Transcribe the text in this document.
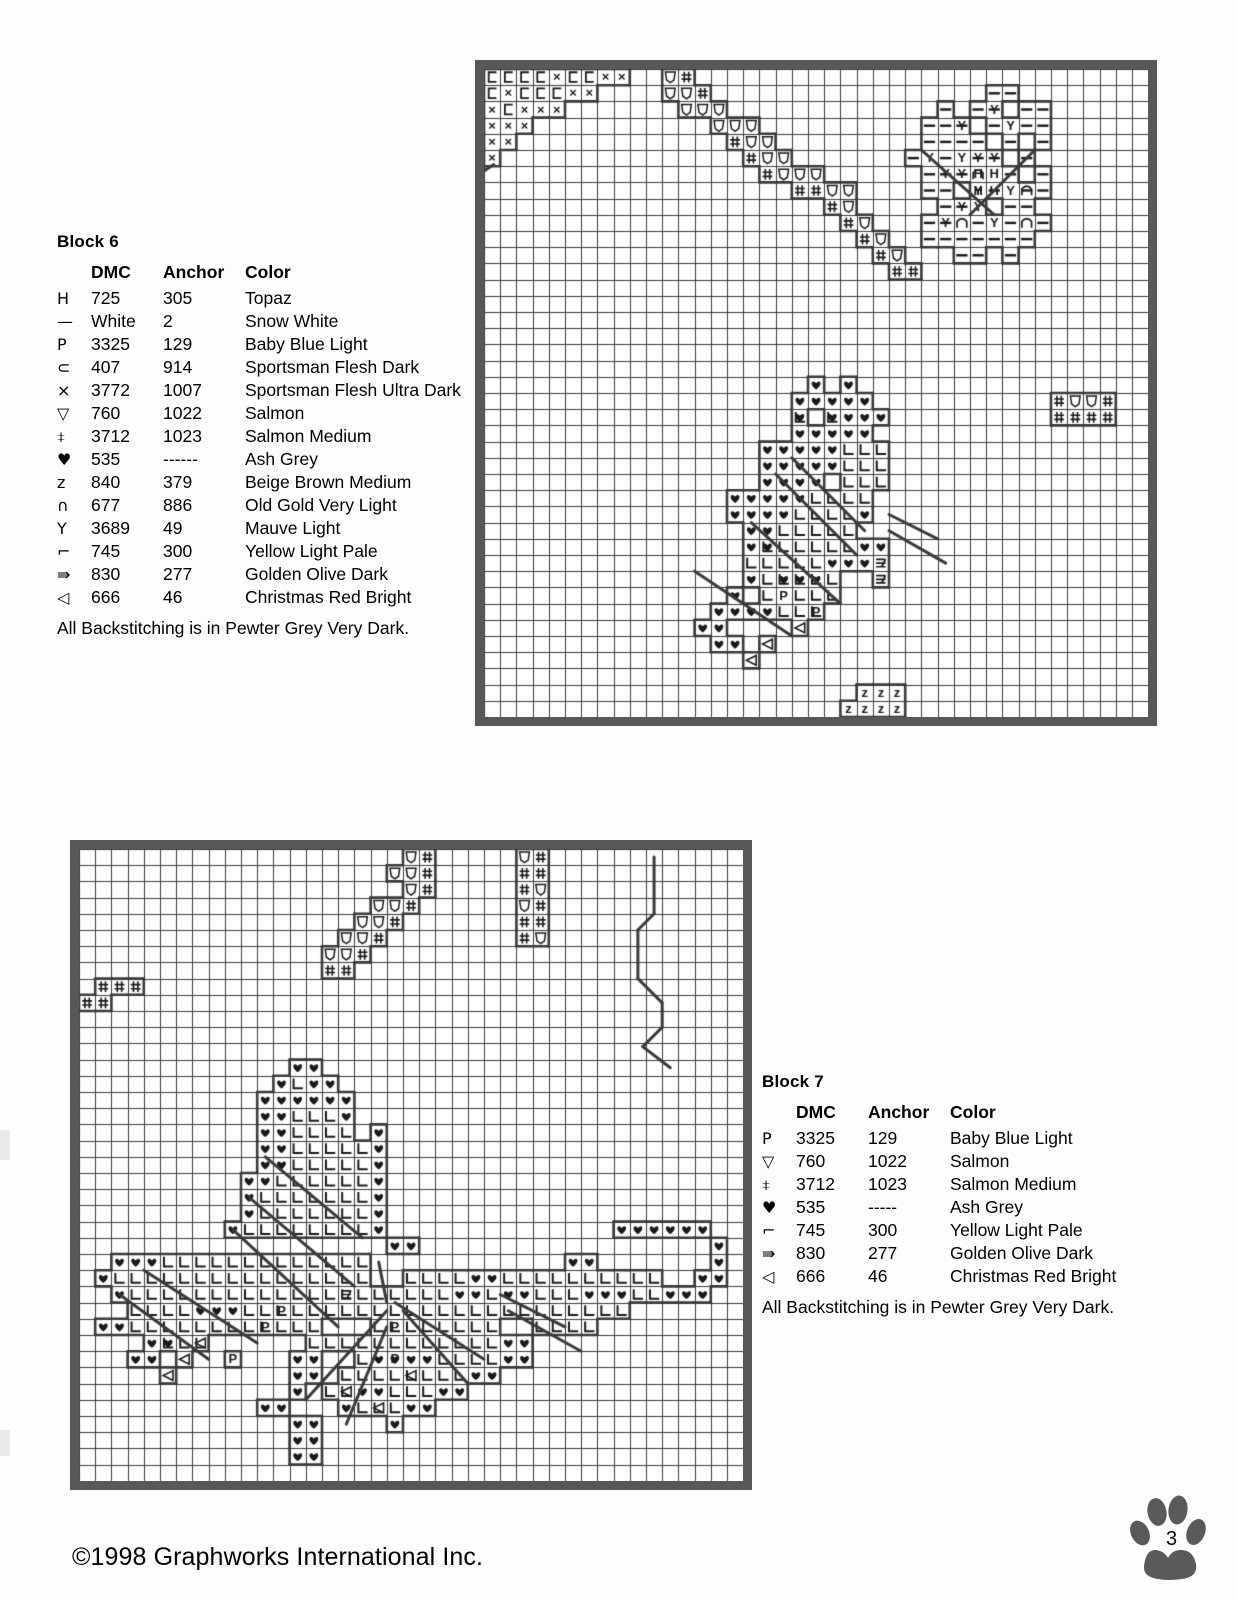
Block 6
	DMC	Anchor	Color
H	725	305	Topaz
—	White	2	Snow White
P	3325	129	Baby Blue Light
⊂	407	914	Sportsman Flesh Dark
×	3772	1007	Sportsman Flesh Ultra Dark
▽	760	1022	Salmon
⧧	3712	1023	Salmon Medium
♥	535	------	Ash Grey
z	840	379	Beige Brown Medium
∩	677	886	Old Gold Very Light
Y	3689	49	Mauve Light
⌐	745	300	Yellow Light Pale
⇛	830	277	Golden Olive Dark
◁	666	46	Christmas Red Bright
All Backstitching is in Pewter Grey Very Dark.
Block 7
	DMC	Anchor	Color
P	3325	129	Baby Blue Light
▽	760	1022	Salmon
⧧	3712	1023	Salmon Medium
♥	535	-----	Ash Grey
⌐	745	300	Yellow Light Pale
⇛	830	277	Golden Olive Dark
◁	666	46	Christmas Red Bright
All Backstitching is in Pewter Grey Very Dark.
©1998 Graphworks International Inc.
3
